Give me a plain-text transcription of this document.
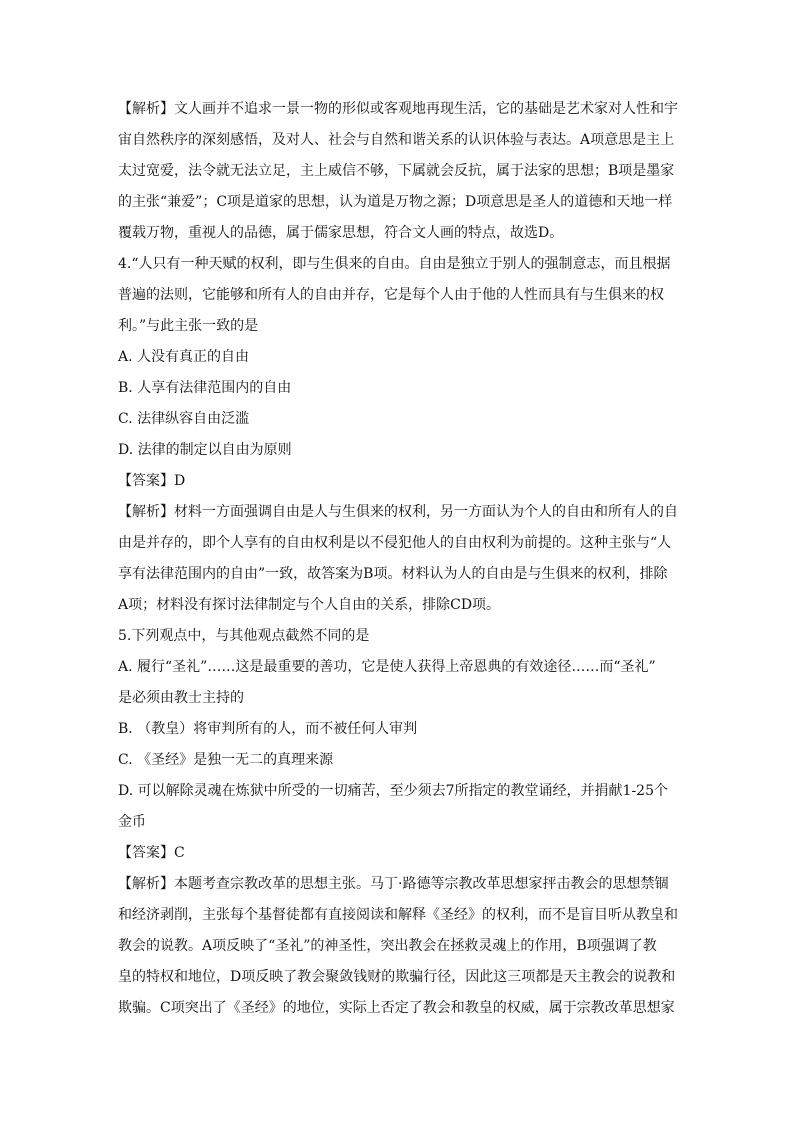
【解析】文人画并不追求一景一物的形似或客观地再现生活，它的基础是艺术家对人性和宇
宙自然秩序的深刻感悟，及对人、社会与自然和谐关系的认识体验与表达。A项意思是主上
太过宽爱，法令就无法立足，主上威信不够，下属就会反抗，属于法家的思想；B项是墨家
的主张“兼爱”；C项是道家的思想，认为道是万物之源；D项意思是圣人的道德和天地一样
覆载万物，重视人的品德，属于儒家思想，符合文人画的特点，故选D。
4.“人只有一种天赋的权利，即与生俱来的自由。自由是独立于别人的强制意志，而且根据
普遍的法则，它能够和所有人的自由并存，它是每个人由于他的人性而具有与生俱来的权
利。”与此主张一致的是
A. 人没有真正的自由
B. 人享有法律范围内的自由
C. 法律纵容自由泛滥
D. 法律的制定以自由为原则
【答案】D
【解析】材料一方面强调自由是人与生俱来的权利，另一方面认为个人的自由和所有人的自
由是并存的，即个人享有的自由权利是以不侵犯他人的自由权利为前提的。这种主张与“人
享有法律范围内的自由”一致，故答案为B项。材料认为人的自由是与生俱来的权利，排除
A项；材料没有探讨法律制定与个人自由的关系，排除CD项。
5.下列观点中，与其他观点截然不同的是
A. 履行“圣礼”……这是最重要的善功，它是使人获得上帝恩典的有效途径……而“圣礼”
是必须由教士主持的
B. （教皇）将审判所有的人，而不被任何人审判
C. 《圣经》是独一无二的真理来源
D. 可以解除灵魂在炼狱中所受的一切痛苦，至少须去7所指定的教堂诵经，并捐献1-25个
金币
【答案】C
【解析】本题考查宗教改革的思想主张。马丁·路德等宗教改革思想家抨击教会的思想禁锢
和经济剥削，主张每个基督徒都有直接阅读和解释《圣经》的权利，而不是盲目听从教皇和
教会的说教。A项反映了“圣礼”的神圣性，突出教会在拯救灵魂上的作用，B项强调了教
皇的特权和地位，D项反映了教会聚敛钱财的欺骗行径，因此这三项都是天主教会的说教和
欺骗。C项突出了《圣经》的地位，实际上否定了教会和教皇的权威，属于宗教改革思想家
